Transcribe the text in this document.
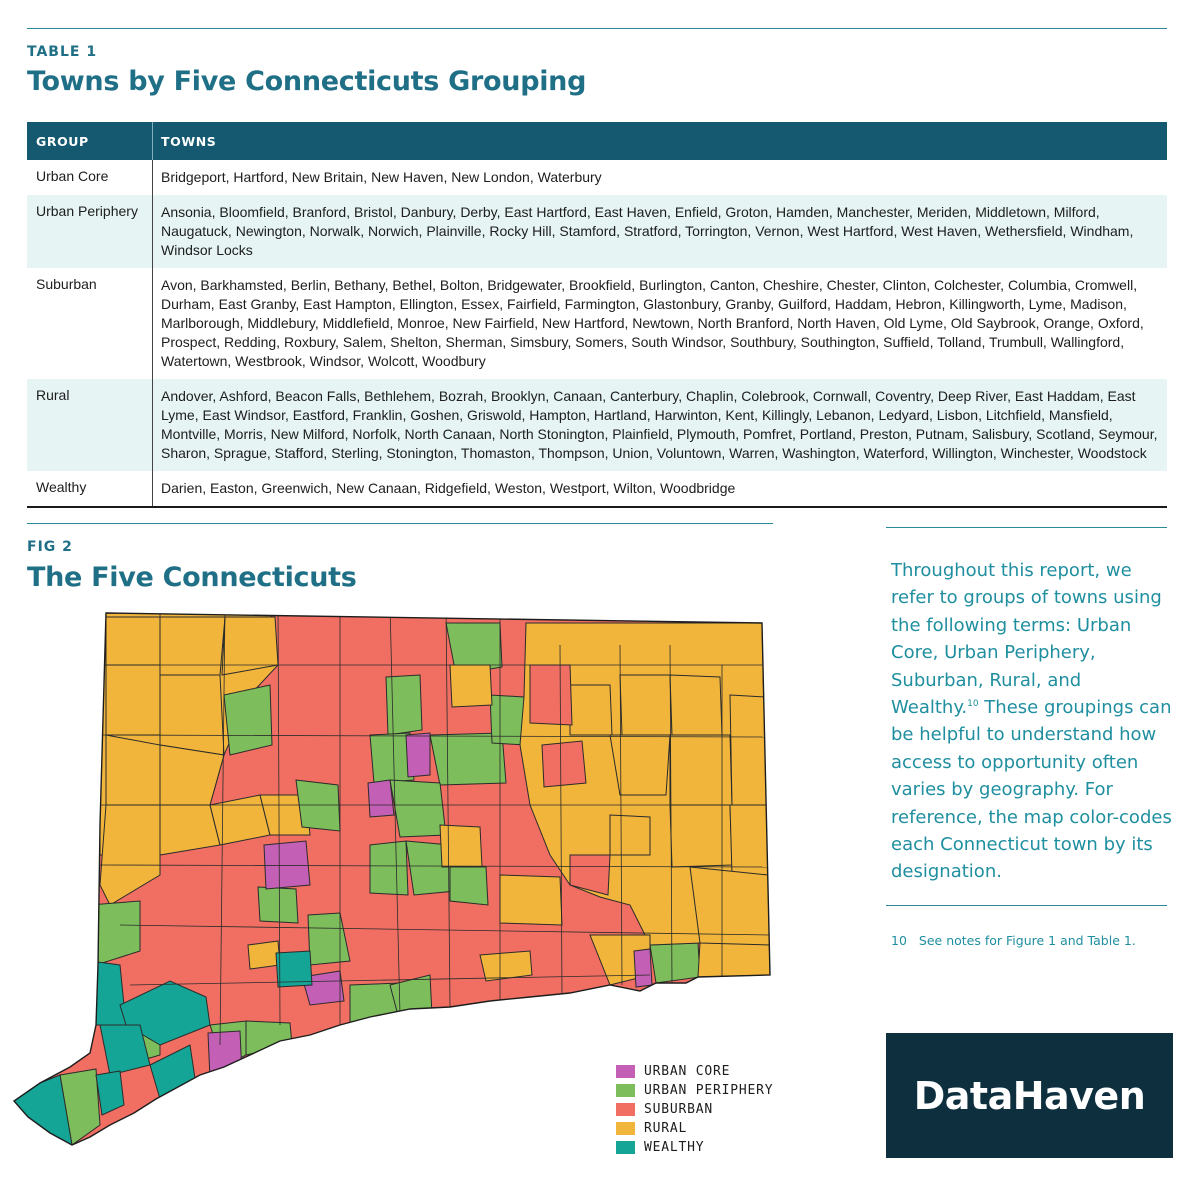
TABLE 1
Towns by Five Connecticuts Grouping
GROUP	TOWNS
Urban Core	Bridgeport, Hartford, New Britain, New Haven, New London, Waterbury
Urban Periphery	Ansonia, Bloomfield, Branford, Bristol, Danbury, Derby, East Hartford, East Haven, Enfield, Groton, Hamden, Manchester, Meriden, Middletown, Milford, Naugatuck, Newington, Norwalk, Norwich, Plainville, Rocky Hill, Stamford, Stratford, Torrington, Vernon, West Hartford, West Haven, Wethersfield, Windham, Windsor Locks
Suburban	Avon, Barkhamsted, Berlin, Bethany, Bethel, Bolton, Bridgewater, Brookfield, Burlington, Canton, Cheshire, Chester, Clinton, Colchester, Columbia, Cromwell, Durham, East Granby, East Hampton, Ellington, Essex, Fairfield, Farmington, Glastonbury, Granby, Guilford, Haddam, Hebron, Killingworth, Lyme, Madison, Marlborough, Middlebury, Middlefield, Monroe, New Fairfield, New Hartford, Newtown, North Branford, North Haven, Old Lyme, Old Saybrook, Orange, Oxford, Prospect, Redding, Roxbury, Salem, Shelton, Sherman, Simsbury, Somers, South Windsor, Southbury, Southington, Suffield, Tolland, Trumbull, Wallingford, Watertown, Westbrook, Windsor, Wolcott, Woodbury
Rural	Andover, Ashford, Beacon Falls, Bethlehem, Bozrah, Brooklyn, Canaan, Canterbury, Chaplin, Colebrook, Cornwall, Coventry, Deep River, East Haddam, East Lyme, East Windsor, Eastford, Franklin, Goshen, Griswold, Hampton, Hartland, Harwinton, Kent, Killingly, Lebanon, Ledyard, Lisbon, Litchfield, Mansfield, Montville, Morris, New Milford, Norfolk, North Canaan, North Stonington, Plainfield, Plymouth, Pomfret, Portland, Preston, Putnam, Salisbury, Scotland, Seymour, Sharon, Sprague, Stafford, Sterling, Stonington, Thomaston, Thompson, Union, Voluntown, Warren, Washington, Waterford, Willington, Winchester, Woodstock
Wealthy	Darien, Easton, Greenwich, New Canaan, Ridgefield, Weston, Westport, Wilton, Woodbridge
FIG 2
The Five Connecticuts
URBAN CORE
URBAN PERIPHERY
SUBURBAN
RURAL
WEALTHY
Throughout this report, we refer to groups of towns using the following terms: Urban Core, Urban Periphery, Suburban, Rural, and Wealthy.$^{10}$ These groupings can be helpful to understand how access to opportunity often varies by geography. For reference, the map color-codes each Connecticut town by its designation.
10 See notes for Figure 1 and Table 1.
DataHaven
